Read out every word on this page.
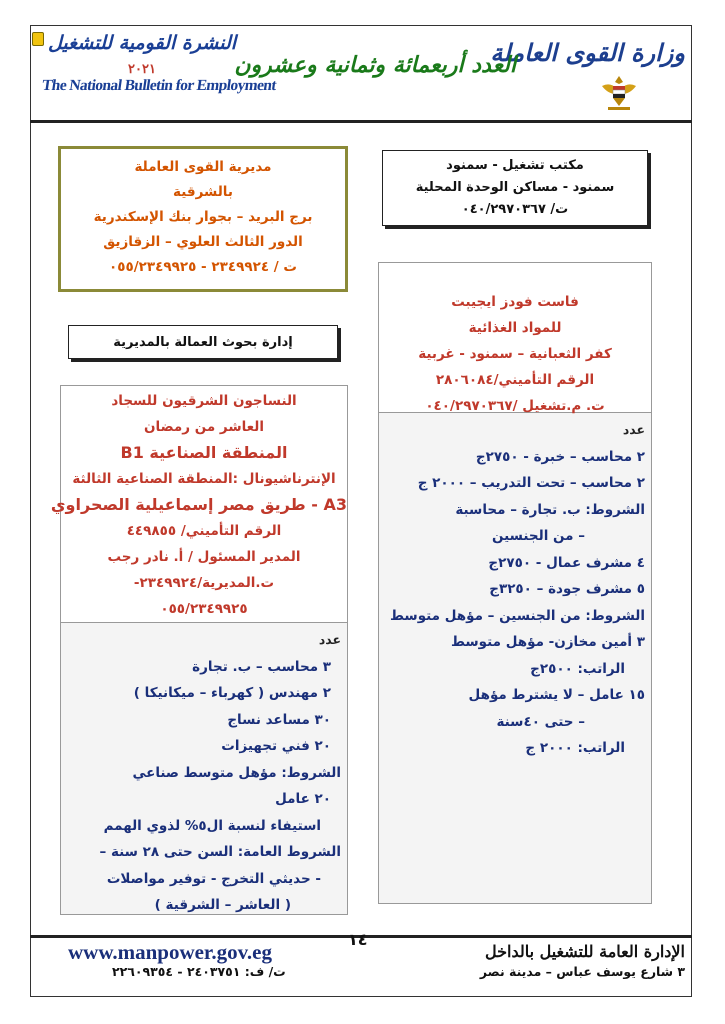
وزارة القوى العاملة
العدد أربعمائة وثمانية وعشرون
النشرة القومية للتشغيل
٢٠٢١
The National Bulletin for Employment
مكتب تشغيل - سمنود
سمنود - مساكن الوحدة المحلية
ت/ ٠٤٠/٢٩٧٠٣٦٧
مديرية القوى العاملة
بالشرقية
برج البريد – بجوار بنك الإسكندرية
الدور الثالث العلوي – الزقازيق
ت / ٢٣٤٩٩٢٤ - ٠٥٥/٢٣٤٩٩٢٥
إدارة بحوث العمالة بالمديرية
فاست فودز ايجيبت
للمواد الغذائية
كفر الثعبانية – سمنود - غربية
الرقم التأميني/٢٨٠٦٠٨٤
ت. م.تشغيل /٠٤٠/٢٩٧٠٣٦٧
عدد
٢ محاسب – خبرة - ٢٧٥٠ج
٢ محاسب – تحت التدريب – ٢٠٠٠ ج
الشروط: ب. تجارة – محاسبة
– من الجنسين
٤ مشرف عمال - ٢٧٥٠ج
٥ مشرف جودة – ٣٢٥٠ج
الشروط: من الجنسين – مؤهل متوسط
٣ أمين مخازن- مؤهل متوسط
الراتب: ٢٥٠٠ج
١٥ عامل – لا يشترط مؤهل
– حتى ٤٠سنة
الراتب: ٢٠٠٠ ج
النساجون الشرقيون للسجاد
العاشر من رمضان
المنطقة الصناعية B1
الإنترناشيونال :المنطقة الصناعية الثالثة
A3 - طريق مصر إسماعيلية الصحراوي
الرقم التأميني/ ٤٤٩٨٥٥
المدير المسئول / أ. نادر رجب
ت.المديرية/٢٣٤٩٩٢٤-
٠٥٥/٢٣٤٩٩٢٥
عدد
٣ محاسب – ب. تجارة
٢ مهندس ( كهرباء – ميكانيكا )
٣٠ مساعد نساج
٢٠ فني تجهيزات
الشروط: مؤهل متوسط صناعي
٢٠ عامل
استيفاء لنسبة ال٥% لذوي الهمم
الشروط العامة: السن حتى ٢٨ سنة –
- حديثي التخرج - توفير مواصلات
( العاشر – الشرقية )
١٤
الإدارة العامة للتشغيل بالداخل
٣ شارع يوسف عباس – مدينة نصر
www.manpower.gov.eg
ت/ ف: ٢٤٠٣٧٥١ - ٢٢٦٠٩٣٥٤
